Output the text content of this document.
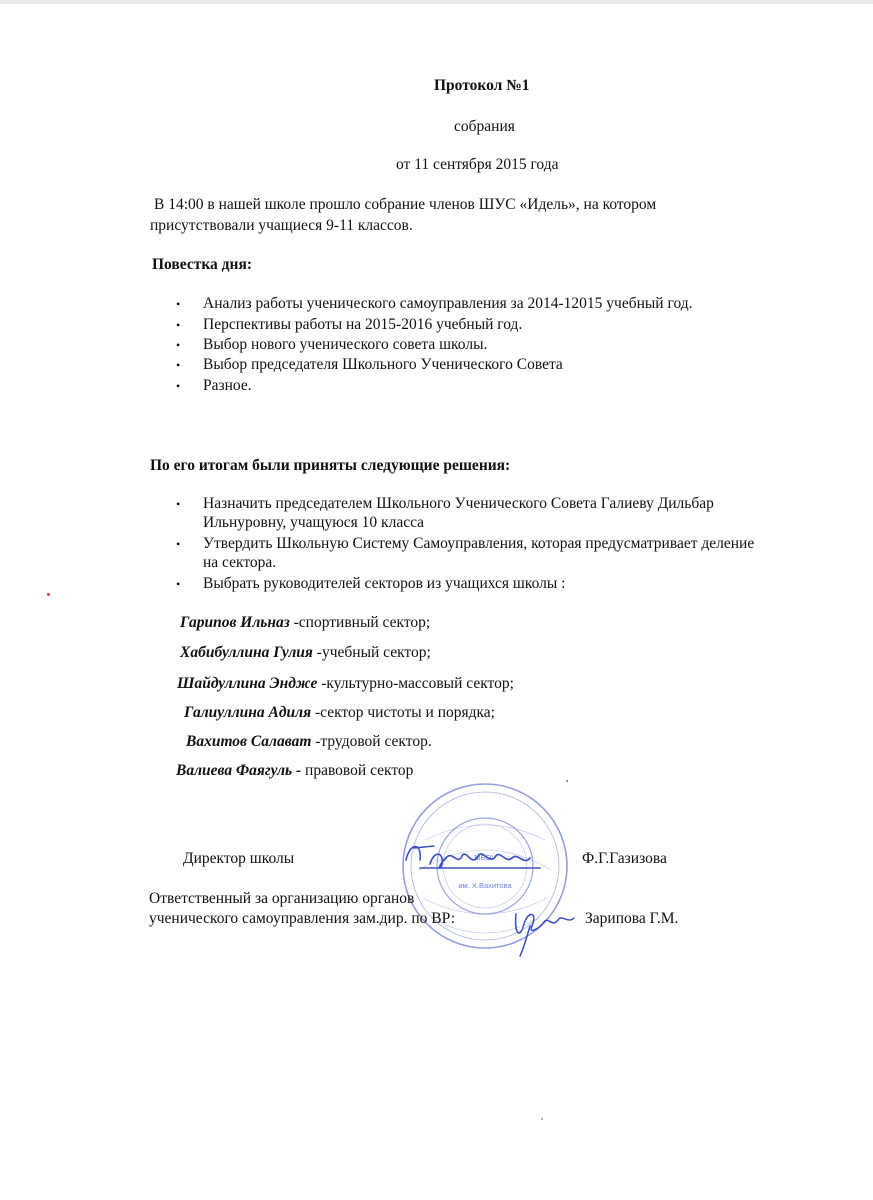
Протокол №1

собрания

от 11 сентября 2015 года

В 14:00 в нашей школе прошло собрание членов ШУС «Идель», на котором

присутствовали учащиеся 9-11 классов.

Повестка дня:

• Анализ работы ученического самоуправления за 2014-12015 учебный год.

• Перспективы работы на 2015-2016 учебный год.

• Выбор нового ученического совета школы.

• Выбор председателя Школьного Ученического Совета

• Разное.

По его итогам были приняты следующие решения:

• Назначить председателем Школьного Ученического Совета Галиеву Дильбар

Ильнуровну, учащуюся 10 класса

• Утвердить Школьную Систему Самоуправления, которая предусматривает деление

на сектора.

• Выбрать руководителей секторов из учащихся школы :

Гарипов Ильназ -спортивный сектор;

Хабибуллина Гулия -учебный сектор;

Шайдуллина Эндже -культурно-массовый сектор;

Галиуллина Адиля -сектор чистоты и порядка;

Вахитов Салават -трудовой сектор.

Валиева Фаягуль - правовой сектор

МБОУ
им. Х.Вахитова

Директор школы	Ф.Г.Газизова

Ответственный за организацию органов

ученического самоуправления зам.дир. по ВР:	Зарипова Г.М.
